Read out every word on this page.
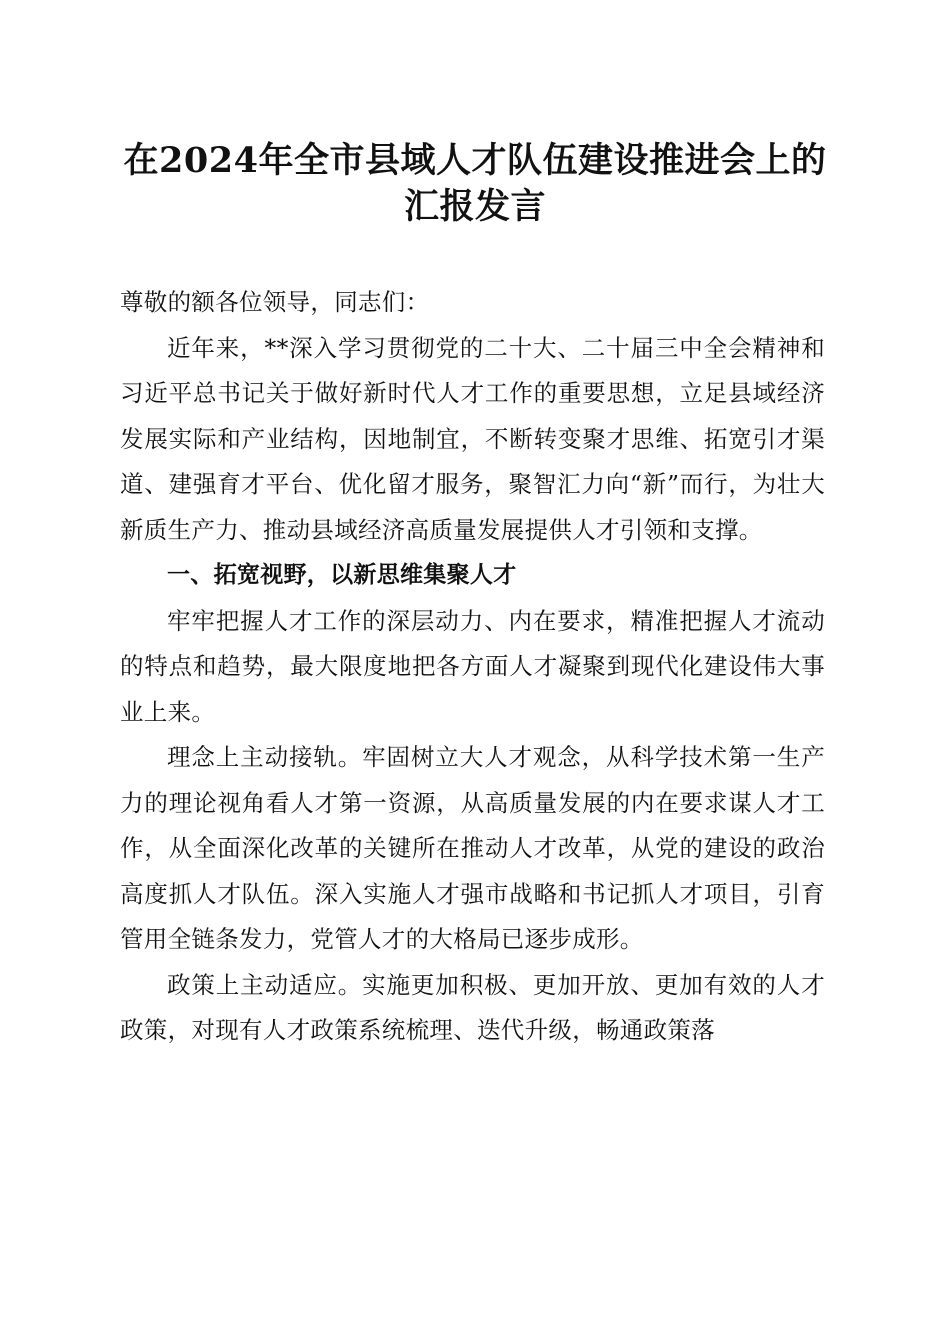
在2024年全市县域人才队伍建设推进会上的
汇报发言

尊敬的额各位领导，同志们：

近年来，**深入学习贯彻党的二十大、二十届三中全会精神和习近平总书记关于做好新时代人才工作的重要思想，立足县域经济发展实际和产业结构，因地制宜，不断转变聚才思维、拓宽引才渠道、建强育才平台、优化留才服务，聚智汇力向“新”而行，为壮大新质生产力、推动县域经济高质量发展提供人才引领和支撑。

一、拓宽视野，以新思维集聚人才

牢牢把握人才工作的深层动力、内在要求，精准把握人才流动的特点和趋势，最大限度地把各方面人才凝聚到现代化建设伟大事业上来。

理念上主动接轨。牢固树立大人才观念，从科学技术第一生产力的理论视角看人才第一资源，从高质量发展的内在要求谋人才工作，从全面深化改革的关键所在推动人才改革，从党的建设的政治高度抓人才队伍。深入实施人才强市战略和书记抓人才项目，引育管用全链条发力，党管人才的大格局已逐步成形。

政策上主动适应。实施更加积极、更加开放、更加有效的人才政策，对现有人才政策系统梳理、迭代升级，畅通政策落
